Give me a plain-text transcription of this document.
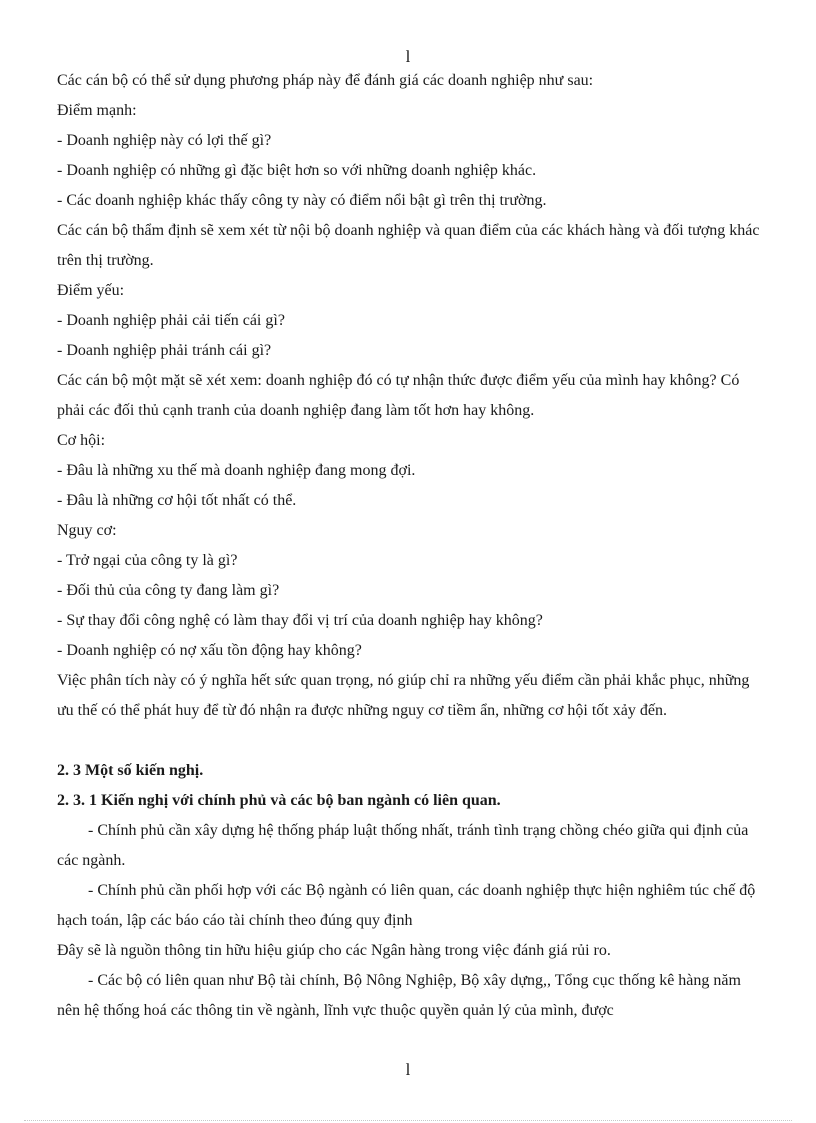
l

Các cán bộ có thể sử dụng phương pháp này để đánh giá các doanh nghiệp như sau:

Điểm mạnh:

- Doanh nghiệp này có lợi thế gì?

- Doanh nghiệp có những gì đặc biệt hơn so với những doanh nghiệp khác.

- Các doanh nghiệp khác thấy công ty này có điểm nổi bật gì trên thị trường.

Các cán bộ thẩm định sẽ xem xét từ nội bộ doanh nghiệp và quan điểm của các khách hàng và đối tượng khác trên thị trường.

Điểm yếu:

- Doanh nghiệp phải cải tiến cái gì?

- Doanh nghiệp phải tránh cái gì?

Các cán bộ một mặt sẽ xét xem: doanh nghiệp đó có tự nhận thức được điểm yếu của mình hay không? Có phải các đối thủ cạnh tranh của doanh nghiệp đang làm tốt hơn hay không.

Cơ hội:

- Đâu là những xu thế mà doanh nghiệp đang mong đợi.

- Đâu là những cơ hội tốt nhất có thể.

Nguy cơ:

- Trở ngại của công ty là gì?

- Đối thủ của công ty đang làm gì?

- Sự thay đổi công nghệ có làm thay đổi vị trí của doanh nghiệp hay không?

- Doanh nghiệp có nợ xấu tồn động hay không?

Việc phân tích này có ý nghĩa hết sức quan trọng, nó giúp chỉ ra những yếu điểm cần phải khắc phục, những ưu thế có thể phát huy để từ đó nhận ra được những nguy cơ tiềm ẩn, những cơ hội tốt xảy đến.

2. 3 Một số kiến nghị.

2. 3. 1 Kiến nghị với chính phủ và các bộ ban ngành có liên quan.

- Chính phủ cần xây dựng hệ thống pháp luật thống nhất, tránh tình trạng chồng chéo giữa qui định của các ngành.

- Chính phủ cần phối hợp với các Bộ ngành có liên quan, các doanh nghiệp thực hiện nghiêm túc chế độ hạch toán, lập các báo cáo tài chính theo đúng quy định

Đây sẽ là nguồn thông tin hữu hiệu giúp cho các Ngân hàng trong việc đánh giá rủi ro.

- Các bộ có liên quan như Bộ tài chính, Bộ Nông Nghiệp, Bộ xây dựng,, Tổng cục thống kê hàng năm nên hệ thống hoá các thông tin về ngành, lĩnh vực thuộc quyền quản lý của mình, được

l
